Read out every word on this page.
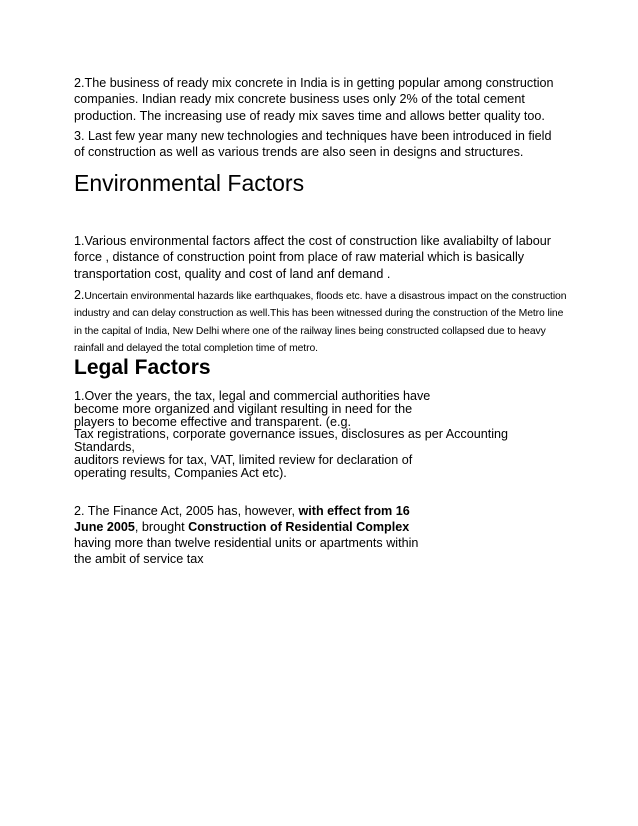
2.The business of ready mix concrete in India is in getting popular among construction companies. Indian ready mix concrete business uses only 2% of the total cement production. The increasing use of ready mix saves time and allows better quality too.

3. Last few year many new technologies and techniques have been introduced in field of construction as well as various trends are also seen in designs and structures.

Environmental Factors

1.Various environmental factors affect the cost of construction like avaliabilty of labour force , distance of construction point from place of raw material which is basically transportation cost, quality and cost of land anf demand .

2.Uncertain environmental hazards like earthquakes, floods etc. have a disastrous impact on the construction industry and can delay construction as well.This has been witnessed during the construction of the Metro line in the capital of India, New Delhi where one of the railway lines being constructed collapsed due to heavy rainfall and delayed the total completion time of metro.

Legal Factors
1.Over the years, the tax, legal and commercial authorities have
become more organized and vigilant resulting in need for the
players to become effective and transparent. (e.g.
Tax registrations, corporate governance issues, disclosures as per Accounting
Standards,
auditors reviews for tax, VAT, limited review for declaration of
operating results, Companies Act etc).

2. The Finance Act, 2005 has, however, with effect from 16 June 2005, brought Construction of Residential Complex having more than twelve residential units or apartments within the ambit of service tax
